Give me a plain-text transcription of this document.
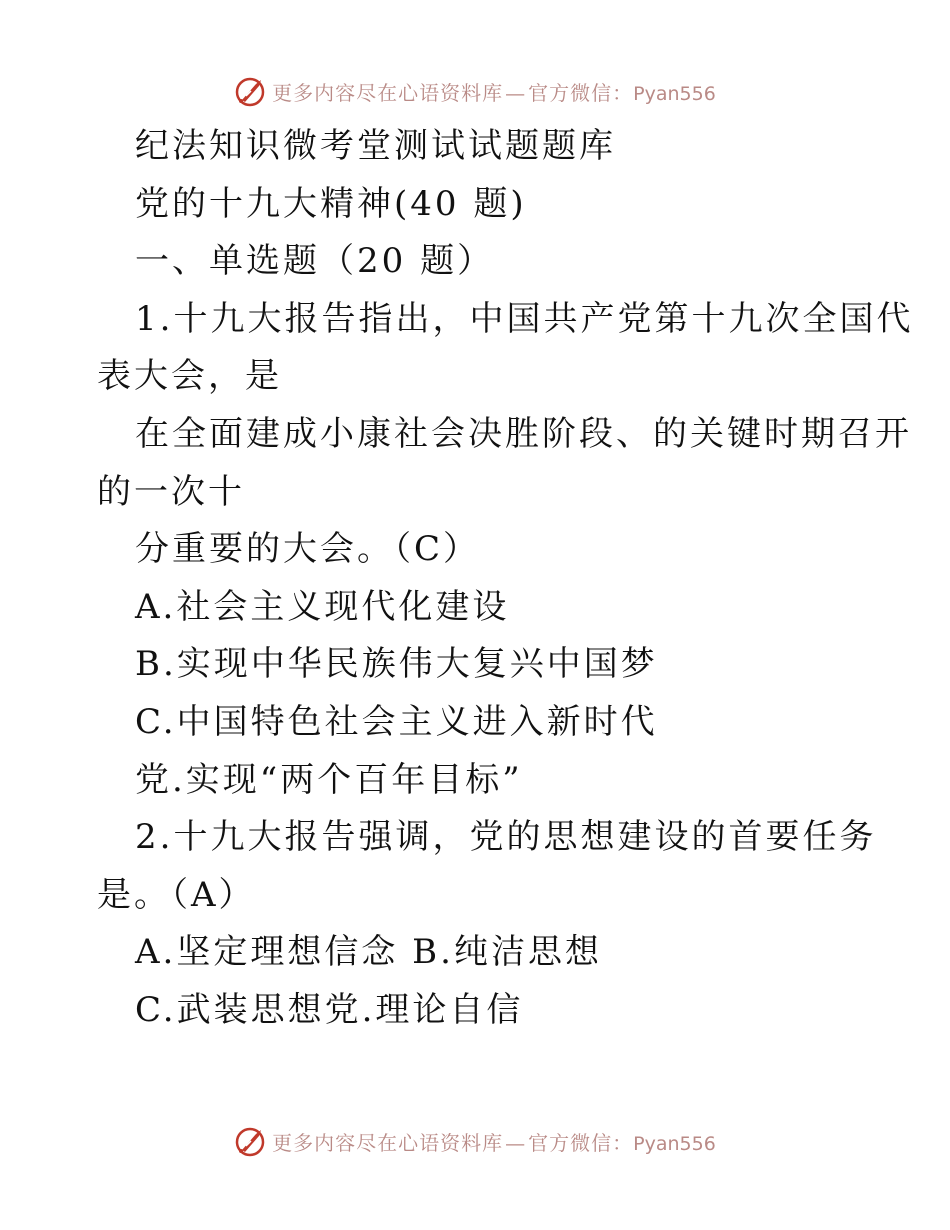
更多内容尽在心语资料库 — 官方微信：Pyan556
纪法知识微考堂测试试题题库
党的十九大精神(40 题)
一、单选题（20 题）
1.十九大报告指出，中国共产党第十九次全国代
表大会，是
在全面建成小康社会决胜阶段、的关键时期召开
的一次十
分重要的大会。（C）
A.社会主义现代化建设
B.实现中华民族伟大复兴中国梦
C.中国特色社会主义进入新时代
党.实现“两个百年目标”
2.十九大报告强调，党的思想建设的首要任务
是。（A）
A.坚定理想信念 B.纯洁思想
C.武装思想党.理论自信
更多内容尽在心语资料库 — 官方微信：Pyan556
